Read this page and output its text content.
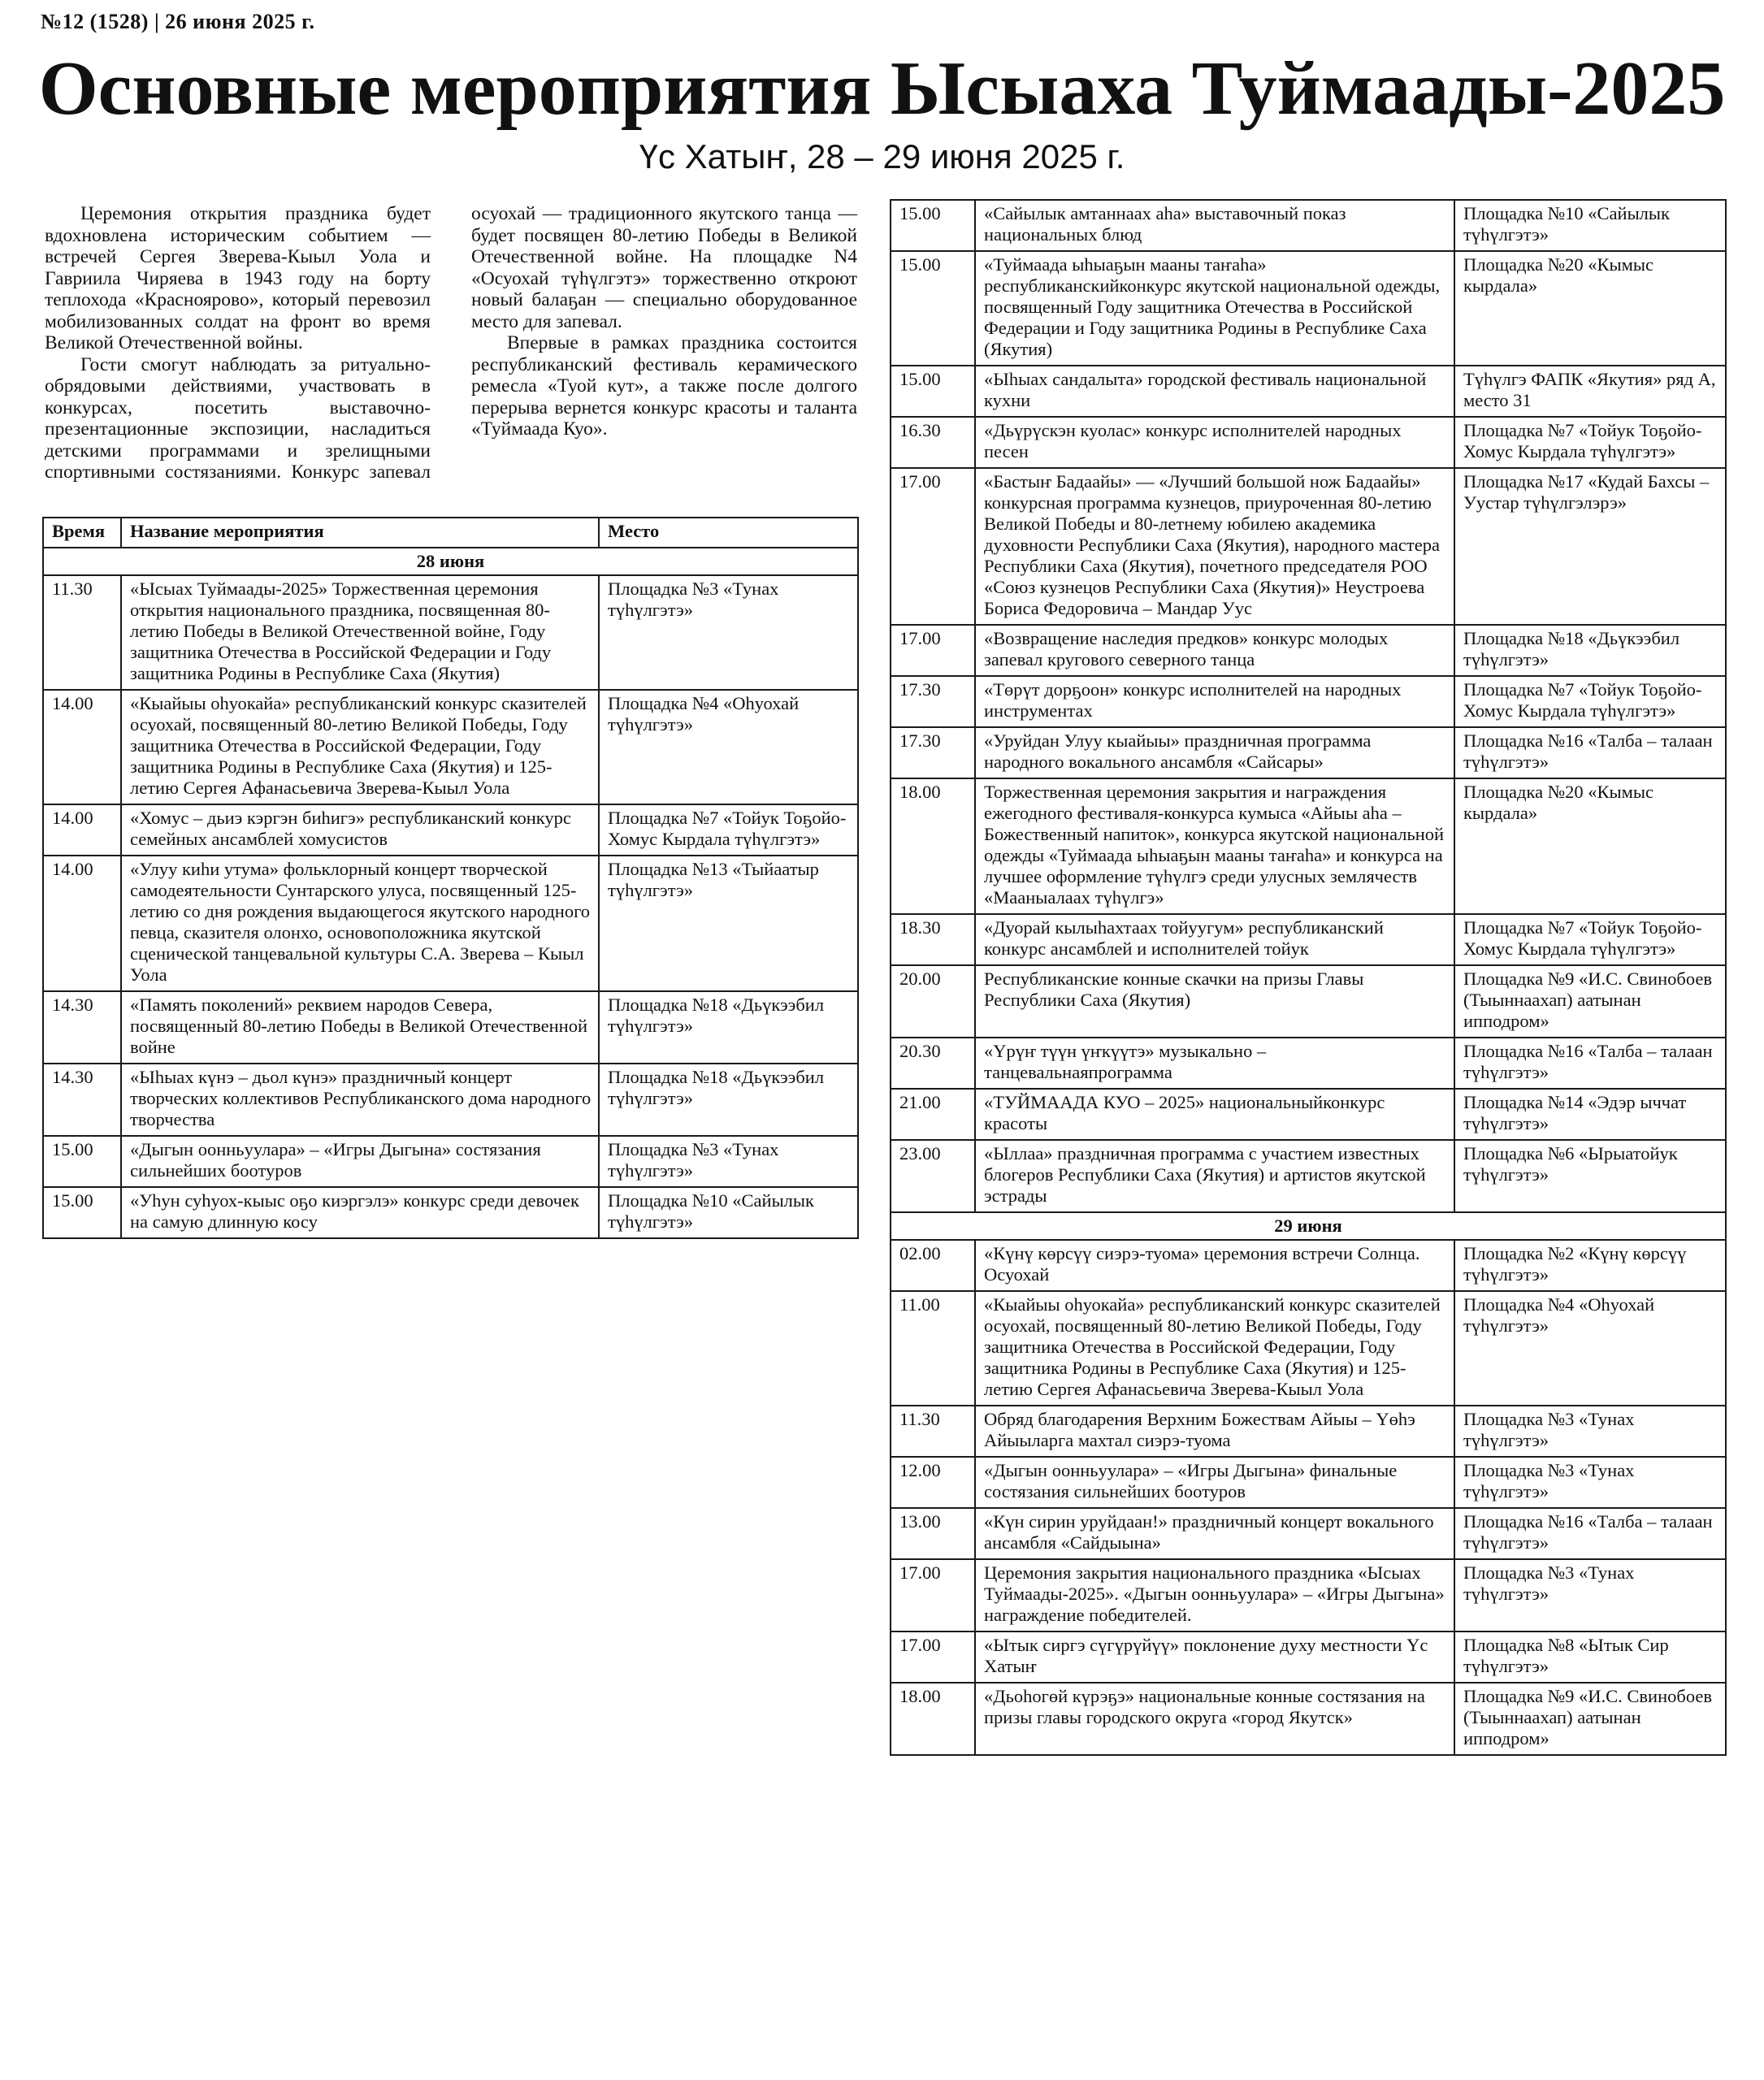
№12 (1528) | 26 июня 2025 г.
Основные мероприятия Ысыаха Туймаады-2025
Үс Хатыҥ, 28 – 29 июня 2025 г.

Церемония открытия праздника будет вдохновлена историческим событием — встречей Сергея Зверева-Кыыл Уола и Гавриила Чиряева в 1943 году на борту теплохода «Красноярово», который перевозил мобилизованных солдат на фронт во время Великой Отечественной войны.

Гости смогут наблюдать за ритуально-обрядовыми действиями, участвовать в конкурсах, посетить выставочно-презентационные экспозиции, насладиться детскими программами и зрелищными спортивными состязаниями. Конкурс запевал осуохай — традиционного якутского танца — будет посвящен 80-летию Победы в Великой Отечественной войне. На площадке N4 «Осуохай түһүлгэтэ» торжественно откроют новый балаҕан — специально оборудованное место для запевал.

Впервые в рамках праздника состоится республиканский фестиваль керамического ремесла «Туой кут», а также после долгого перерыва вернется конкурс красоты и таланта «Туймаада Куо».

Время	Название мероприятия	Место
28 июня		
11.30	«Ысыах Туймаады-2025» Торжественная церемония открытия национального праздника, посвященная 80-летию Победы в Великой Отечественной войне, Году защитника Отечества в Российской Федерации и Году защитника Родины в Республике Саха (Якутия)	Площадка №3 «Тунах түһүлгэтэ»
14.00	«Кыайыы оһуокайа» республиканский конкурс сказителей осуохай, посвященный 80-летию Великой Победы, Году защитника Отечества в Российской Федерации, Году защитника Родины в Республике Саха (Якутия) и 125-летию Сергея Афанасьевича Зверева-Кыыл Уола	Площадка №4 «Оһуохай түһүлгэтэ»
14.00	«Хомус – дьиэ кэргэн биһигэ» республиканский конкурс семейных ансамблей хомусистов	Площадка №7 «Тойук Тоҕойо-Хомус Кырдала түһүлгэтэ»
14.00	«Улуу киһи утума» фольклорный концерт творческой самодеятельности Сунтарского улуса, посвященный 125-летию со дня рождения выдающегося якутского народного певца, сказителя олонхо, основоположника якутской сценической танцевальной культуры С.А. Зверева – Кыыл Уола	Площадка №13 «Тыйаатыр түһүлгэтэ»
14.30	«Память поколений» реквием народов Севера, посвященный 80-летию Победы в Великой Отечественной войне	Площадка №18 «Дьүкээбил түһүлгэтэ»
14.30	«Ыһыах күнэ – дьол күнэ» праздничный концерт творческих коллективов Республиканского дома народного творчества	Площадка №18 «Дьүкээбил түһүлгэтэ»
15.00	«Дыгын оонньуулара» – «Игры Дыгына» состязания сильнейших боотуров	Площадка №3 «Тунах түһүлгэтэ»
15.00	«Уһун суһуох-кыыс оҕо киэргэлэ» конкурс среди девочек на самую длинную косу	Площадка №10 «Сайылык түһүлгэтэ»
15.00	«Сайылык амтаннаах аһа» выставочный показ национальных блюд	Площадка №10 «Сайылык түһүлгэтэ»
15.00	«Туймаада ыһыаҕын мааны таҥаһа» республиканскийконкурс якутской национальной одежды, посвященный Году защитника Отечества в Российской Федерации и Году защитника Родины в Республике Саха (Якутия)	Площадка №20 «Кымыс кырдала»
15.00	«Ыһыах сандалыта» городской фестиваль национальной кухни	Түһүлгэ ФАПК «Якутия» ряд А, место 31
16.30	«Дьүрүскэн куолас» конкурс исполнителей народных песен	Площадка №7 «Тойук Тоҕойо-Хомус Кырдала түһүлгэтэ»
17.00	«Бастыҥ Бадаайы» — «Лучший большой нож Бадаайы» конкурсная программа кузнецов, приуроченная 80-летию Великой Победы и 80-летнему юбилею академика духовности Республики Саха (Якутия), народного мастера Республики Саха (Якутия), почетного председателя РОО «Союз кузнецов Республики Саха (Якутия)» Неустроева Бориса Федоровича – Мандар Уус	Площадка №17 «Кудай Бахсы – Уустар түһүлгэлэрэ»
17.00	«Возвращение наследия предков» конкурс молодых запевал кругового северного танца	Площадка №18 «Дьүкээбил түһүлгэтэ»
17.30	«Төрүт дорҕоон» конкурс исполнителей на народных инструментах	Площадка №7 «Тойук Тоҕойо-Хомус Кырдала түһүлгэтэ»
17.30	«Уруйдан Улуу кыайыы» праздничная программа народного вокального ансамбля «Сайсары»	Площадка №16 «Талба – талаан түһүлгэтэ»
18.00	Торжественная церемония закрытия и награждения ежегодного фестиваля-конкурса кумыса «Айыы аһа – Божественный напиток», конкурса якутской национальной одежды «Туймаада ыһыаҕын мааны таҥаһа» и конкурса на лучшее оформление түһүлгэ среди улусных землячеств «Мааныалаах түһүлгэ»	Площадка №20 «Кымыс кырдала»
18.30	«Дуорай кылыһахтаах тойуугум» республиканский конкурс ансамблей и исполнителей тойук	Площадка №7 «Тойук Тоҕойо-Хомус Кырдала түһүлгэтэ»
20.00	Республиканские конные скачки на призы Главы Республики Саха (Якутия)	Площадка №9 «И.С. Свинобоев (Тыыннаахап) аатынан ипподром»
20.30	«Үрүҥ түүн үҥкүүтэ» музыкально – танцевальнаяпрограмма	Площадка №16 «Талба – талаан түһүлгэтэ»
21.00	«ТУЙМААДА КУО – 2025» национальныйконкурс красоты	Площадка №14 «Эдэр ыччат түһүлгэтэ»
23.00	«Ыллаа» праздничная программа с участием известных блогеров Республики Саха (Якутия) и артистов якутской эстрады	Площадка №6 «Ырыатойук түһүлгэтэ»
29 июня		
02.00	«Күнү көрсүү сиэрэ-туома» церемония встречи Солнца. Осуохай	Площадка №2 «Күнү көрсүү түһүлгэтэ»
11.00	«Кыайыы оһуокайа» республиканский конкурс сказителей осуохай, посвященный 80-летию Великой Победы, Году защитника Отечества в Российской Федерации, Году защитника Родины в Республике Саха (Якутия) и 125-летию Сергея Афанасьевича Зверева-Кыыл Уола	Площадка №4 «Оһуохай түһүлгэтэ»
11.30	Обряд благодарения Верхним Божествам Айыы – Үөһэ Айыыларга махтал сиэрэ-туома	Площадка №3 «Тунах түһүлгэтэ»
12.00	«Дыгын оонньуулара» – «Игры Дыгына» финальные состязания сильнейших боотуров	Площадка №3 «Тунах түһүлгэтэ»
13.00	«Күн сирин уруйдаан!» праздничный концерт вокального ансамбля «Сайдыына»	Площадка №16 «Талба – талаан түһүлгэтэ»
17.00	Церемония закрытия национального праздника «Ысыах Туймаады-2025». «Дыгын оонньуулара» – «Игры Дыгына» награждение победителей.	Площадка №3 «Тунах түһүлгэтэ»
17.00	«Ытык сиргэ сүгүрүйүү» поклонение духу местности Үс Хатыҥ	Площадка №8 «Ытык Сир түһүлгэтэ»
18.00	«Дьоһогөй күрэҕэ» национальные конные состязания на призы главы городского округа «город Якутск»	Площадка №9 «И.С. Свинобоев (Тыыннаахап) аатынан ипподром»
